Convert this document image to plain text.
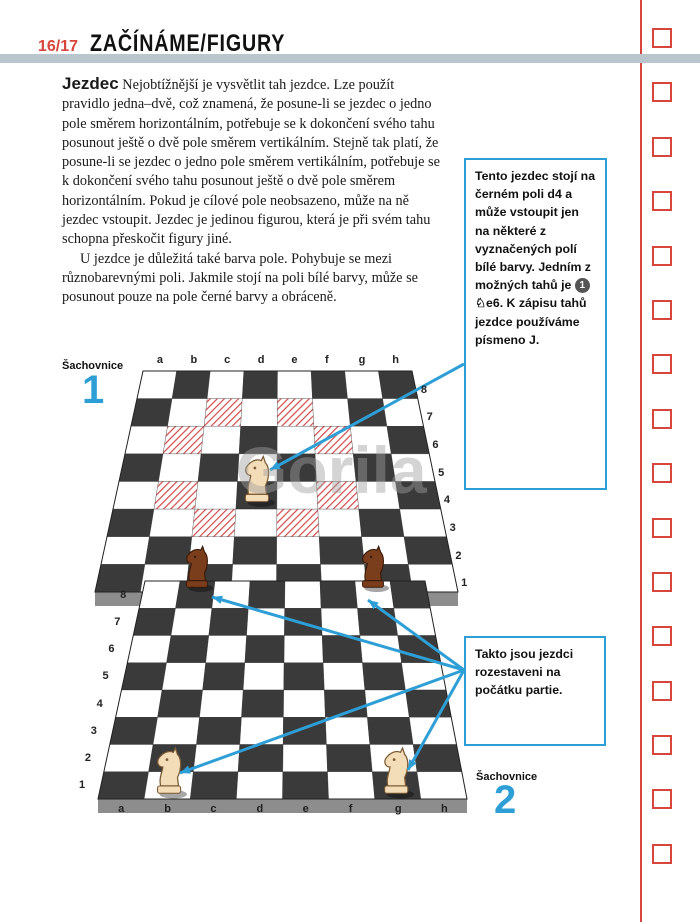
16/17 ZAČÍNÁME/FIGURY

Jezdec Nejobtížnější je vysvětlit tah jezdce. Lze použít pravidlo jedna–dvě, což znamená, že posune-li se jezdec o jedno pole směrem horizontálním, potřebuje se k dokončení svého tahu posunout ještě o dvě pole směrem vertikálním. Stejně tak platí, že posune-li se jezdec o jedno pole směrem vertikálním, potřebuje se k dokončení svého tahu posunout ještě o dvě pole směrem horizontálním. Pokud je cílové pole neobsazeno, může na ně jezdec vstoupit. Jezdec je jedinou figurou, která je při svém tahu schopna přeskočit figury jiné.

U jezdce je důležitá také barva pole. Pohybuje se mezi různobarevnými poli. Jakmile stojí na poli bílé barvy, může se posunout pouze na pole černé barvy a obráceně.

Gorila
Šachovnice
1
Šachovnice
2
Tento jezdec stojí na černém poli d4 a může vstoupit jen na některé z vyznačených polí bílé barvy. Jedním z možných tahů je 1♘e6. K zápisu tahů jezdce používáme písmeno J.
Takto jsou jezdci rozestaveni na počátku partie.
a	b c	d e	f	g h
8
7
6
5
4
3
2
1
a	b	c	d	e	f	g	h
8
7
6
5
4
3
2
1
